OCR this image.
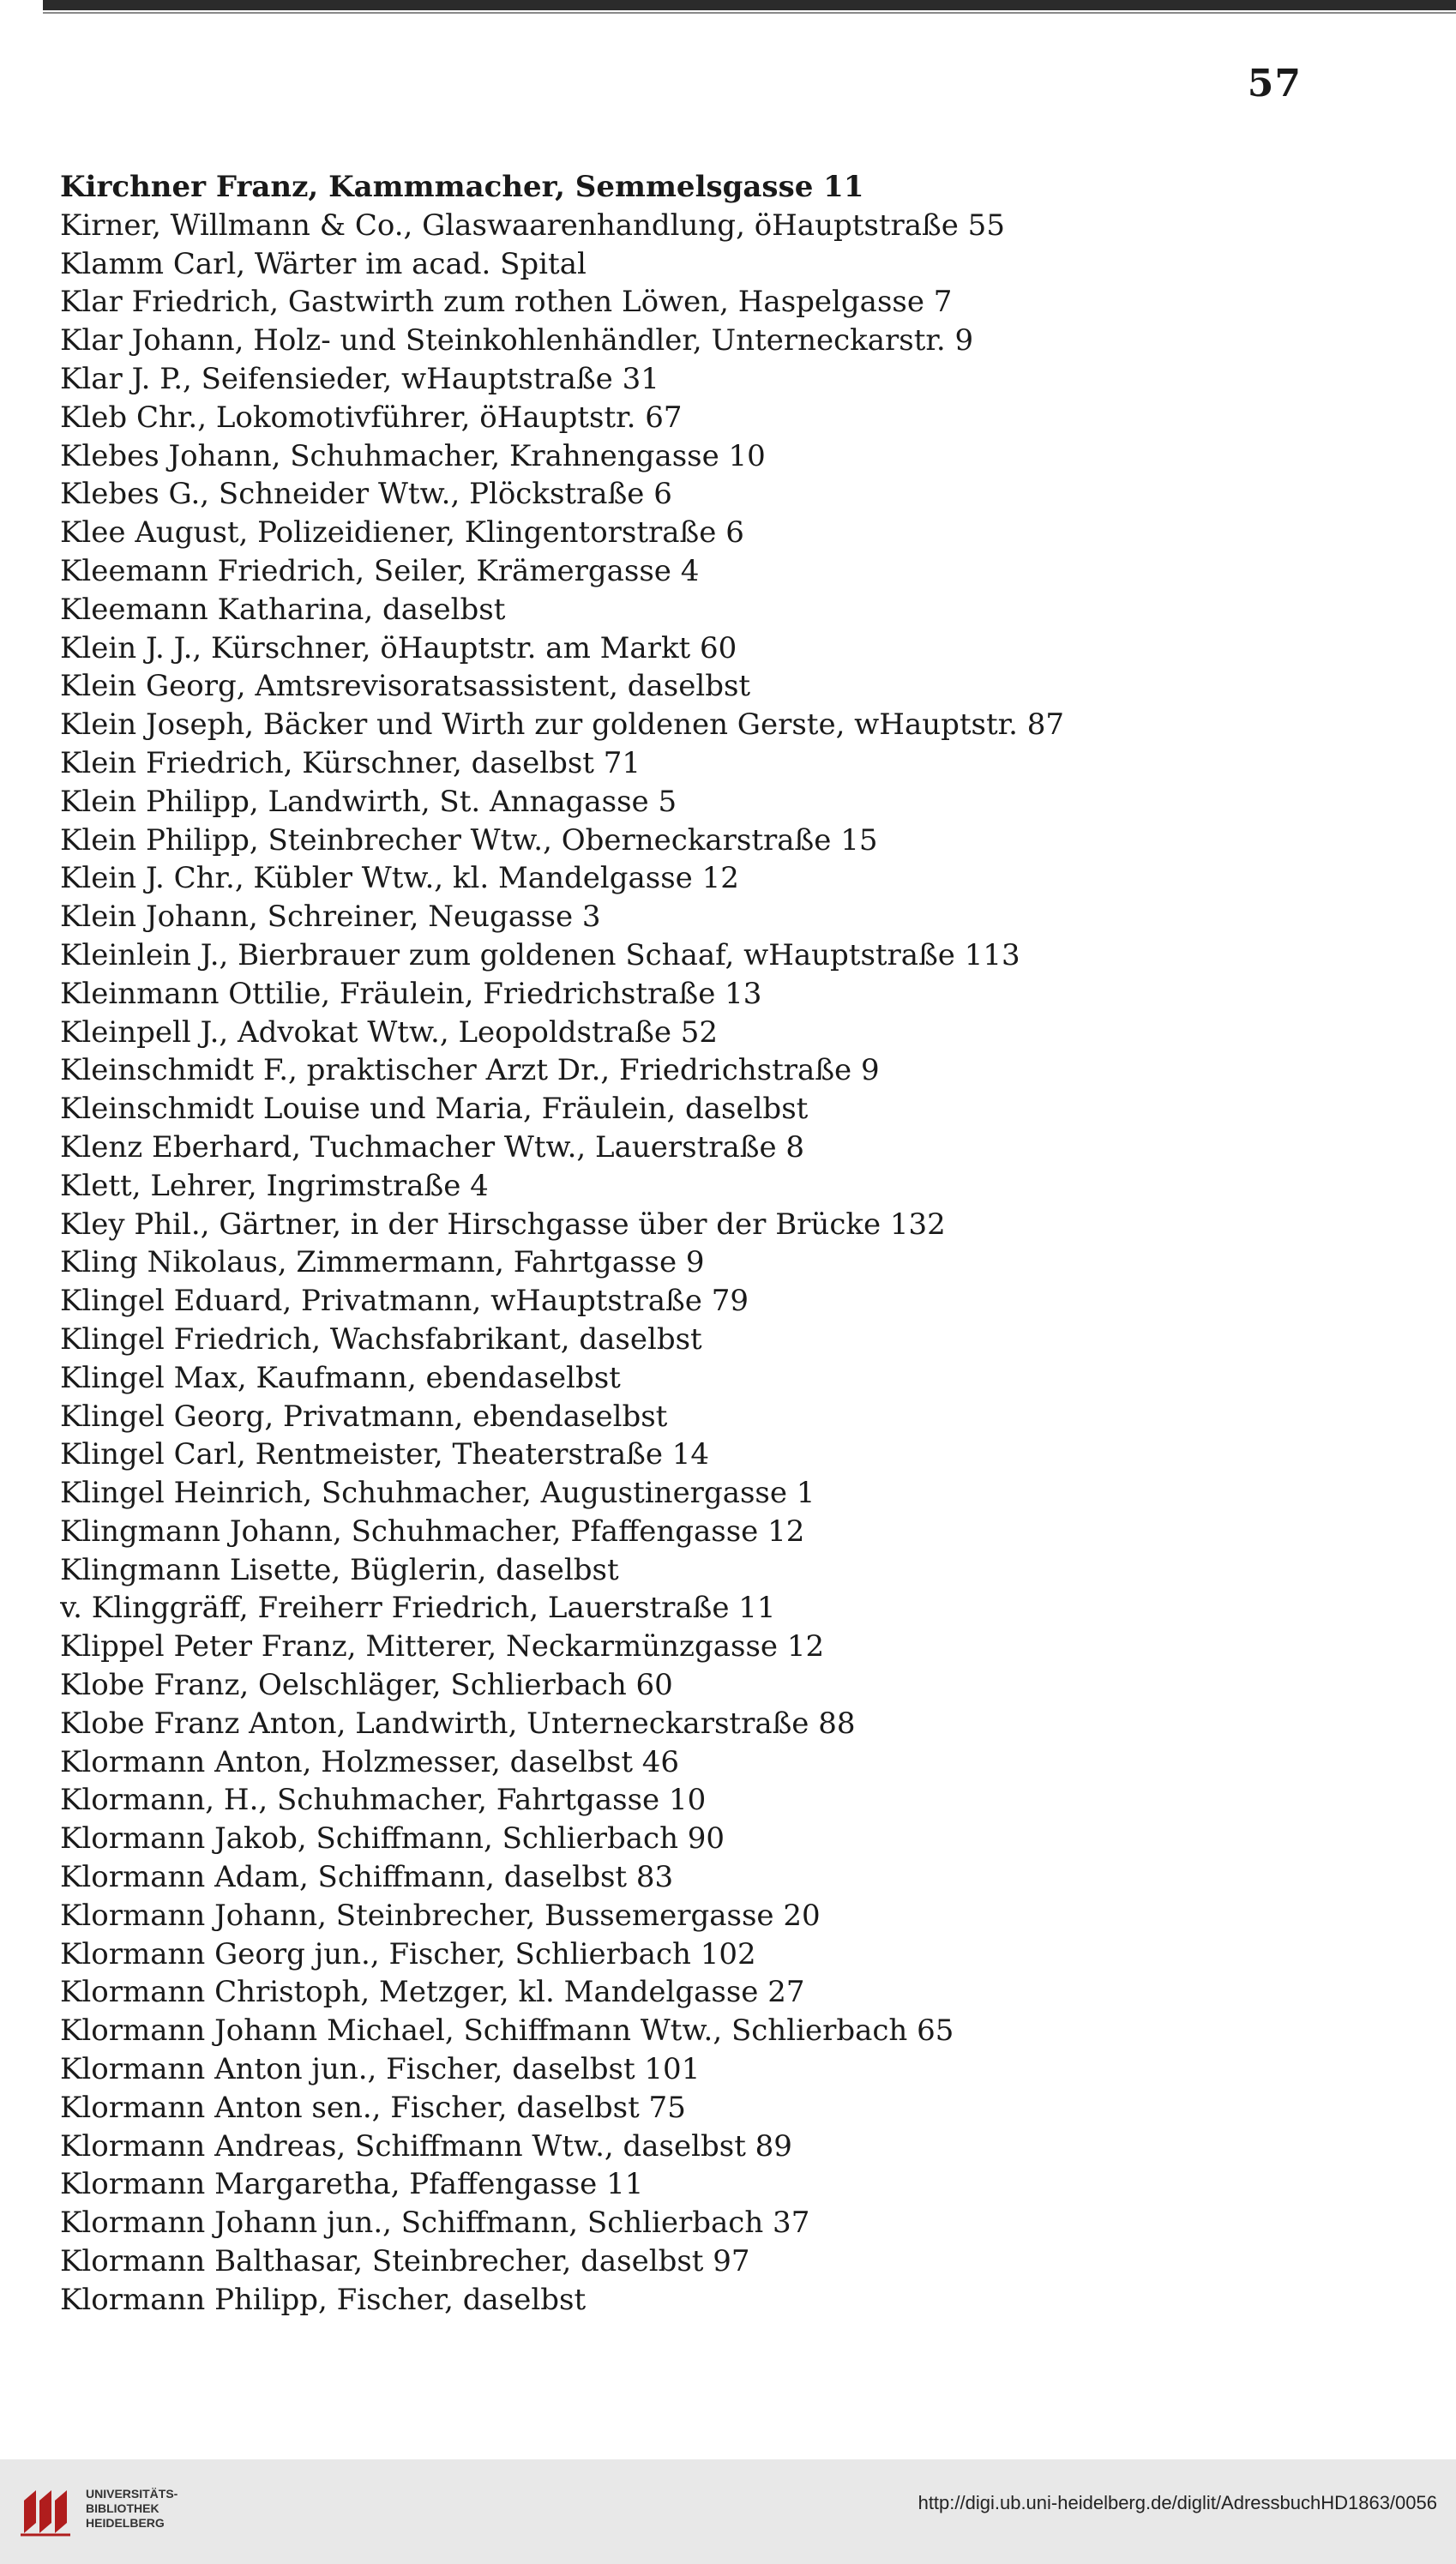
57
Kirchner Franz, Kammmacher, Semmelsgasse 11
Kirner, Willmann & Co., Glaswaarenhandlung, öHauptstraße 55
Klamm Carl, Wärter im acad. Spital
Klar Friedrich, Gastwirth zum rothen Löwen, Haspelgasse 7
Klar Johann, Holz- und Steinkohlenhändler, Unterneckarstr. 9
Klar J. P., Seifensieder, wHauptstraße 31
Kleb Chr., Lokomotivführer, öHauptstr. 67
Klebes Johann, Schuhmacher, Krahnengasse 10
Klebes G., Schneider Wtw., Plöckstraße 6
Klee August, Polizeidiener, Klingentorstraße 6
Kleemann Friedrich, Seiler, Krämergasse 4
Kleemann Katharina, daselbst
Klein J. J., Kürschner, öHauptstr. am Markt 60
Klein Georg, Amtsrevisoratsassistent, daselbst
Klein Joseph, Bäcker und Wirth zur goldenen Gerste, wHauptstr. 87
Klein Friedrich, Kürschner, daselbst 71
Klein Philipp, Landwirth, St. Annagasse 5
Klein Philipp, Steinbrecher Wtw., Oberneckarstraße 15
Klein J. Chr., Kübler Wtw., kl. Mandelgasse 12
Klein Johann, Schreiner, Neugasse 3
Kleinlein J., Bierbrauer zum goldenen Schaaf, wHauptstraße 113
Kleinmann Ottilie, Fräulein, Friedrichstraße 13
Kleinpell J., Advokat Wtw., Leopoldstraße 52
Kleinschmidt F., praktischer Arzt Dr., Friedrichstraße 9
Kleinschmidt Louise und Maria, Fräulein, daselbst
Klenz Eberhard, Tuchmacher Wtw., Lauerstraße 8
Klett, Lehrer, Ingrimstraße 4
Kley Phil., Gärtner, in der Hirschgasse über der Brücke 132
Kling Nikolaus, Zimmermann, Fahrtgasse 9
Klingel Eduard, Privatmann, wHauptstraße 79
Klingel Friedrich, Wachsfabrikant, daselbst
Klingel Max, Kaufmann, ebendaselbst
Klingel Georg, Privatmann, ebendaselbst
Klingel Carl, Rentmeister, Theaterstraße 14
Klingel Heinrich, Schuhmacher, Augustinergasse 1
Klingmann Johann, Schuhmacher, Pfaffengasse 12
Klingmann Lisette, Büglerin, daselbst
v. Klinggräff, Freiherr Friedrich, Lauerstraße 11
Klippel Peter Franz, Mitterer, Neckarmünzgasse 12
Klobe Franz, Oelschläger, Schlierbach 60
Klobe Franz Anton, Landwirth, Unterneckarstraße 88
Klormann Anton, Holzmesser, daselbst 46
Klormann, H., Schuhmacher, Fahrtgasse 10
Klormann Jakob, Schiffmann, Schlierbach 90
Klormann Adam, Schiffmann, daselbst 83
Klormann Johann, Steinbrecher, Bussemergasse 20
Klormann Georg jun., Fischer, Schlierbach 102
Klormann Christoph, Metzger, kl. Mandelgasse 27
Klormann Johann Michael, Schiffmann Wtw., Schlierbach 65
Klormann Anton jun., Fischer, daselbst 101
Klormann Anton sen., Fischer, daselbst 75
Klormann Andreas, Schiffmann Wtw., daselbst 89
Klormann Margaretha, Pfaffengasse 11
Klormann Johann jun., Schiffmann, Schlierbach 37
Klormann Balthasar, Steinbrecher, daselbst 97
Klormann Philipp, Fischer, daselbst
UNIVERSITÄTS-
BIBLIOTHEK
HEIDELBERG
http://digi.ub.uni-heidelberg.de/diglit/AdressbuchHD1863/0056
